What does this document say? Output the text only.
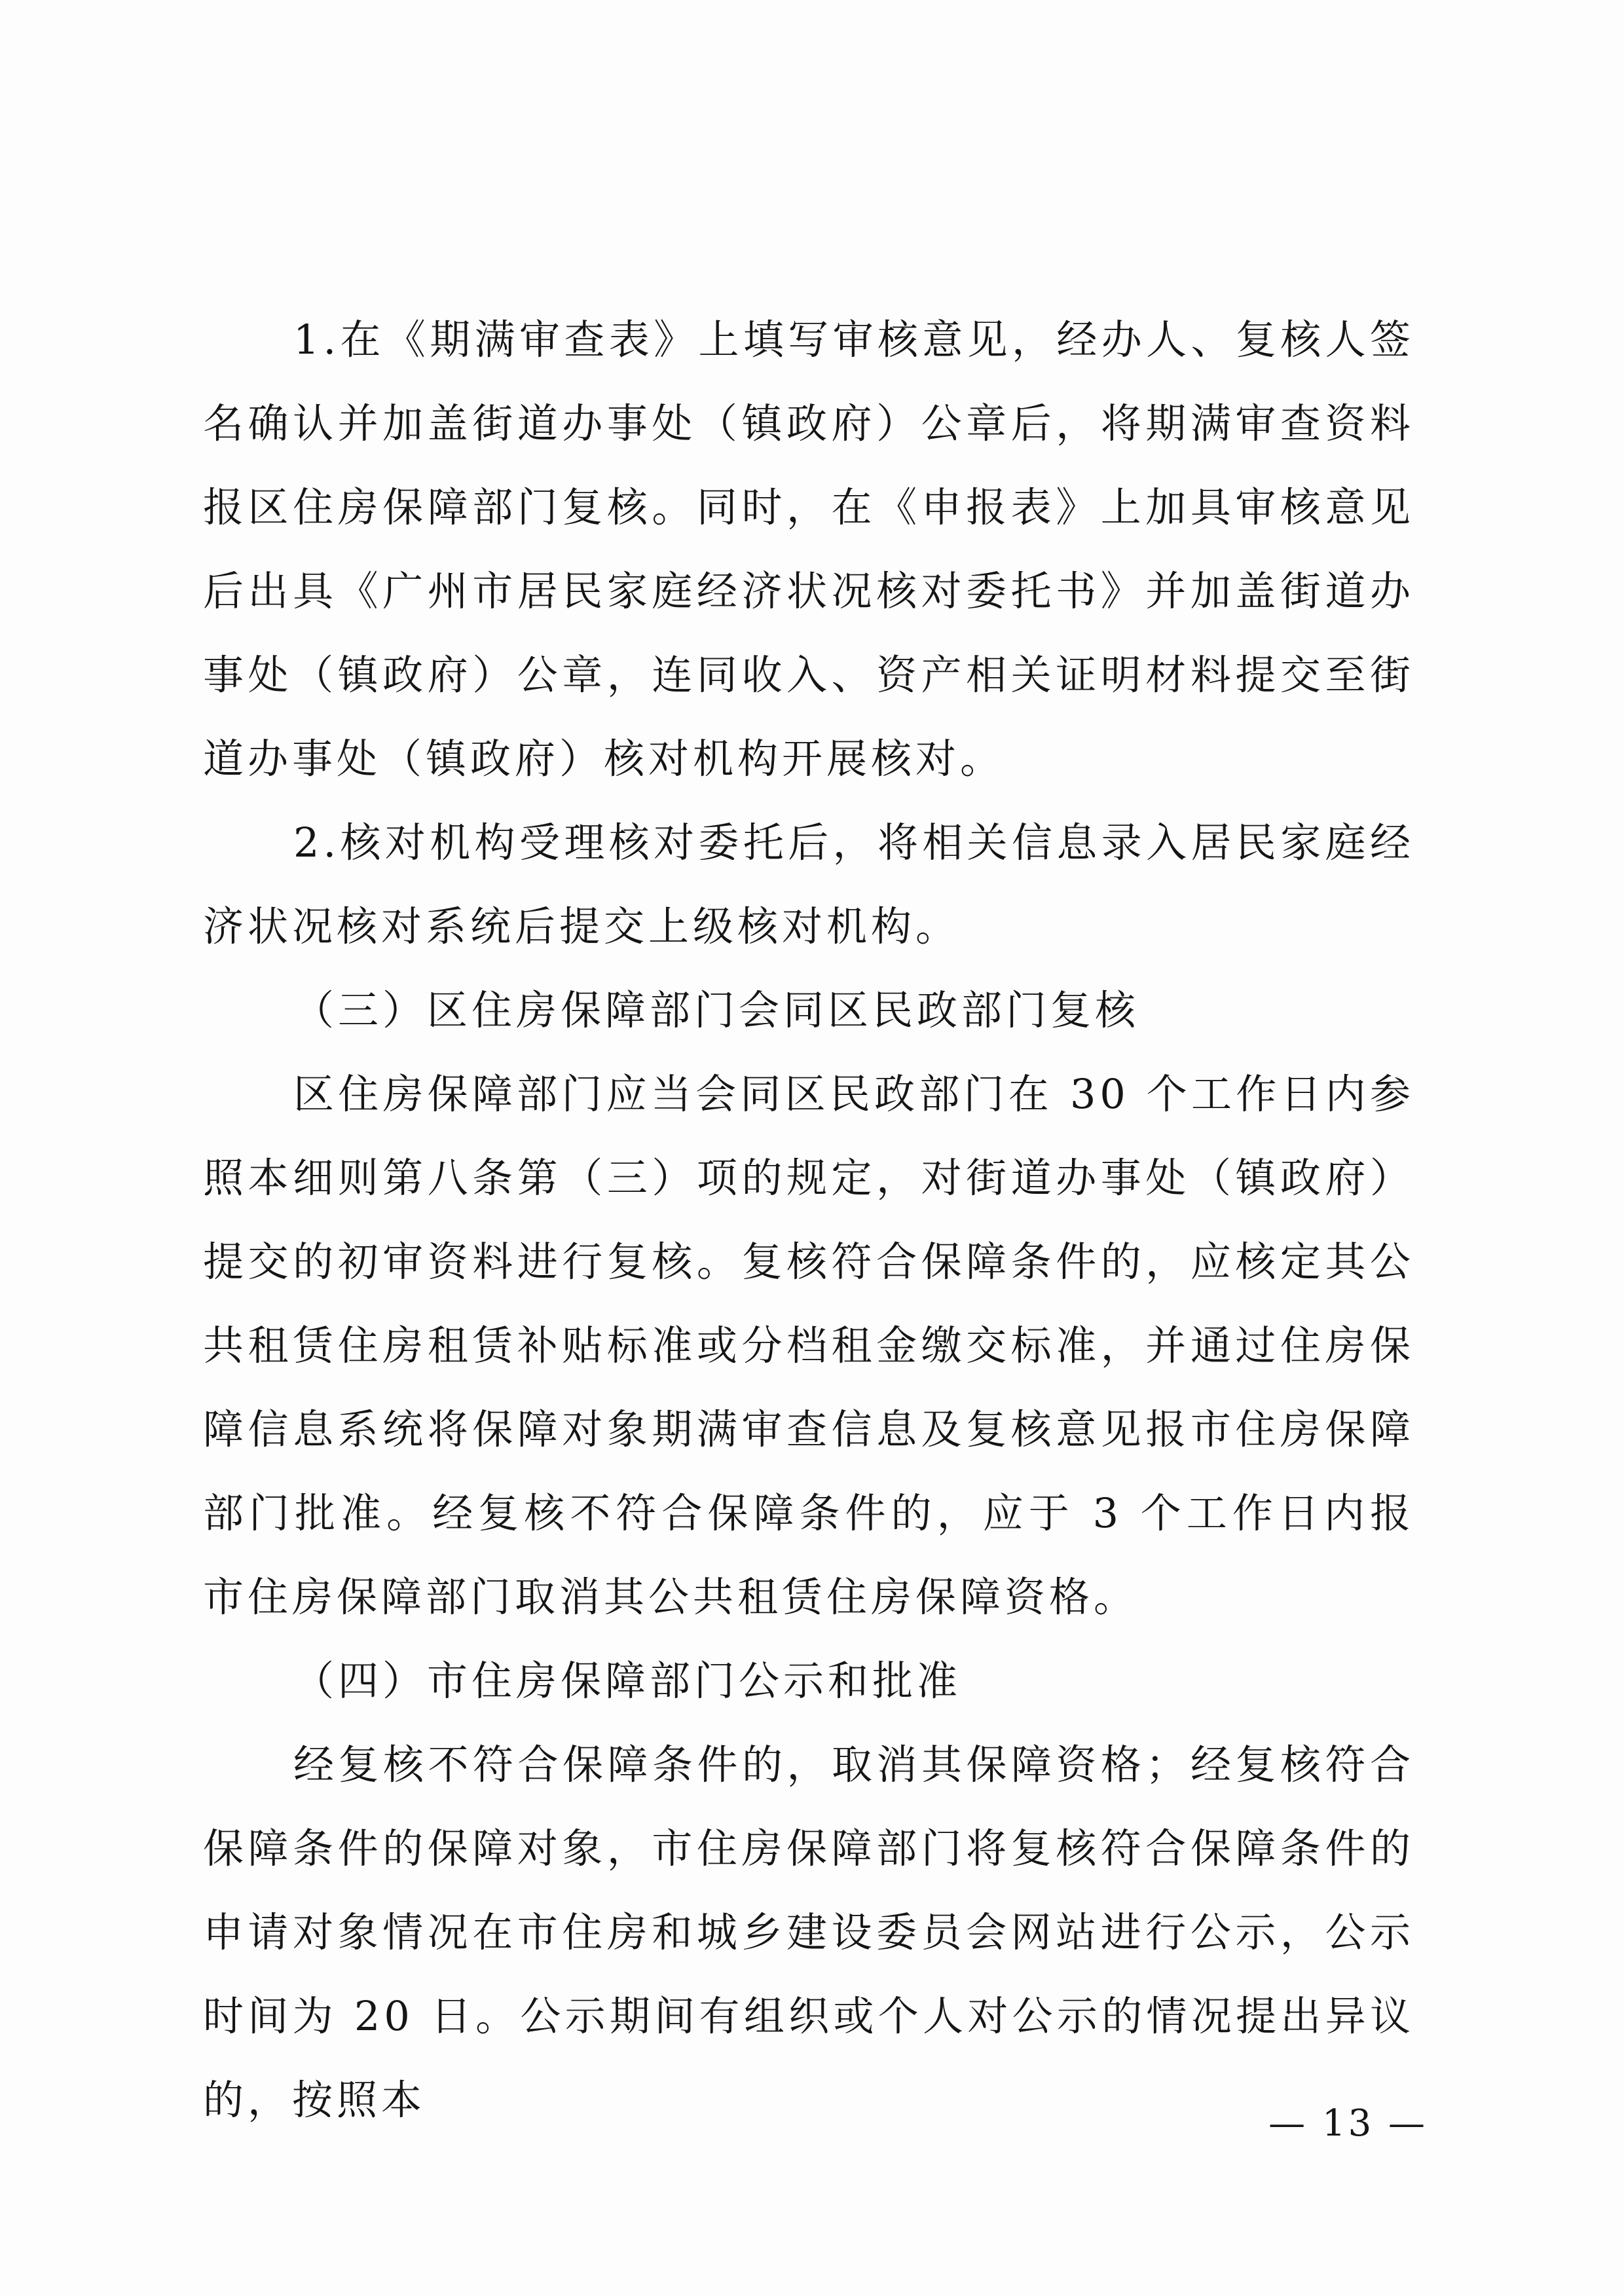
1.在《期满审查表》上填写审核意见，经办人、复核人签名确认并加盖街道办事处（镇政府）公章后，将期满审查资料报区住房保障部门复核。同时，在《申报表》上加具审核意见后出具《广州市居民家庭经济状况核对委托书》并加盖街道办事处（镇政府）公章，连同收入、资产相关证明材料提交至街道办事处（镇政府）核对机构开展核对。

2.核对机构受理核对委托后，将相关信息录入居民家庭经济状况核对系统后提交上级核对机构。

（三）区住房保障部门会同区民政部门复核

区住房保障部门应当会同区民政部门在 30 个工作日内参照本细则第八条第（三）项的规定，对街道办事处（镇政府）提交的初审资料进行复核。复核符合保障条件的，应核定其公共租赁住房租赁补贴标准或分档租金缴交标准，并通过住房保障信息系统将保障对象期满审查信息及复核意见报市住房保障部门批准。经复核不符合保障条件的，应于 3 个工作日内报市住房保障部门取消其公共租赁住房保障资格。

（四）市住房保障部门公示和批准

经复核不符合保障条件的，取消其保障资格；经复核符合保障条件的保障对象，市住房保障部门将复核符合保障条件的申请对象情况在市住房和城乡建设委员会网站进行公示，公示时间为 20 日。公示期间有组织或个人对公示的情况提出异议的，按照本	— 13 —
